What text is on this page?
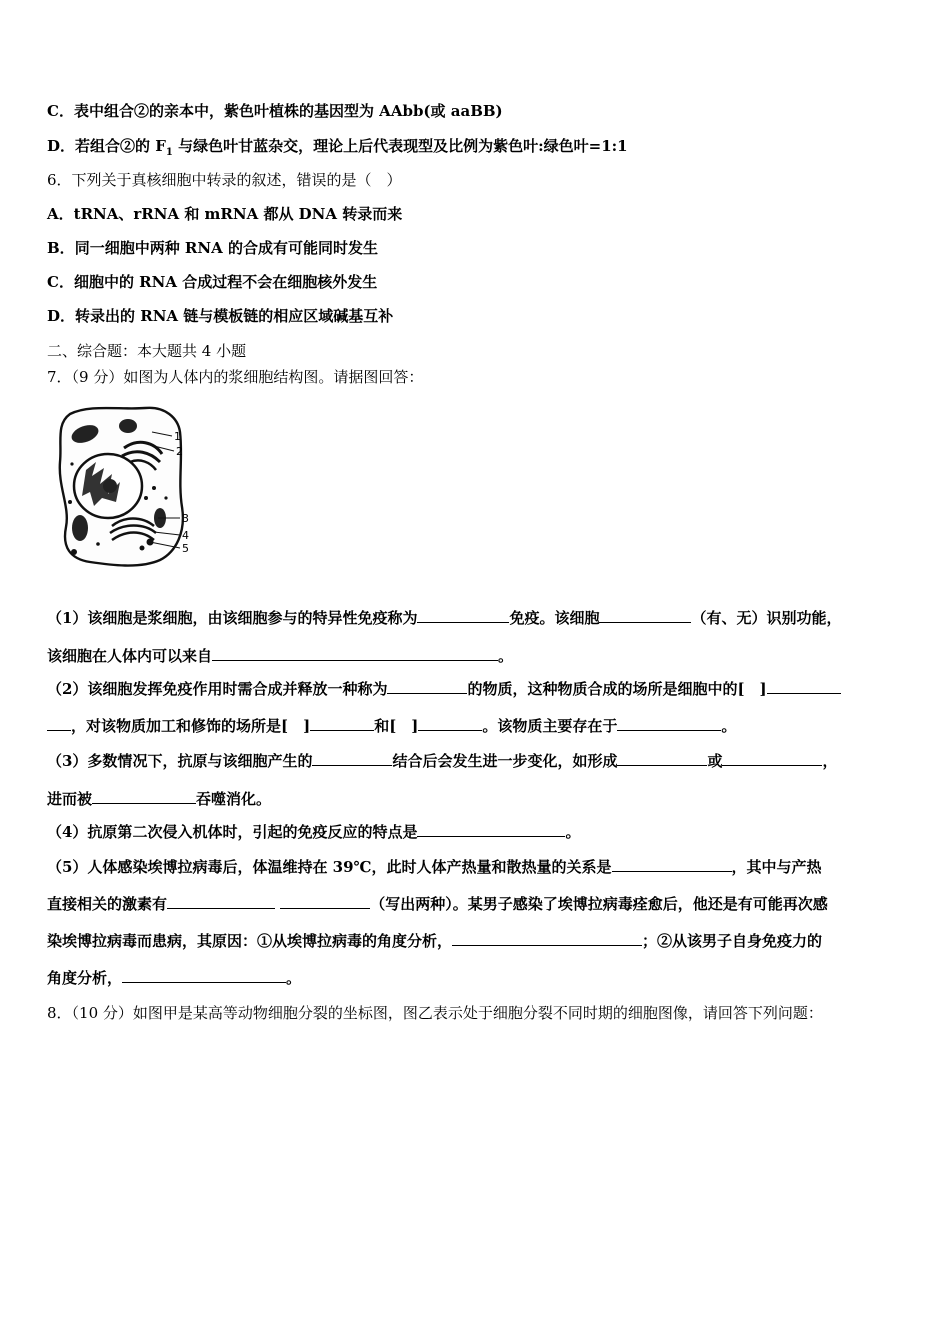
C．表中组合②的亲本中，紫色叶植株的基因型为 AAbb(或 aaBB)
D．若组合②的 $F_1$ 与绿色叶甘蓝杂交，理论上后代表现型及比例为紫色叶:绿色叶=1:1
6．下列关于真核细胞中转录的叙述，错误的是（　）
A．tRNA、rRNA 和 mRNA 都从 DNA 转录而来
B．同一细胞中两种 RNA 的合成有可能同时发生
C．细胞中的 RNA 合成过程不会在细胞核外发生
D．转录出的 RNA 链与模板链的相应区域碱基互补
二、综合题：本大题共 4 小题
7．（9 分）如图为人体内的浆细胞结构图。请据图回答：
1
2
3
4
5
（1）该细胞是浆细胞，由该细胞参与的特异性免疫称为	免疫。该细胞	（有、无）识别功能，
该细胞在人体内可以来自	。
（2）该细胞发挥免疫作用时需合成并释放一种称为	的物质，这种物质合成的场所是细胞中的[　]
，对该物质加工和修饰的场所是[　]	和[　]	。该物质主要存在于	。
（3）多数情况下，抗原与该细胞产生的	结合后会发生进一步变化，如形成	或	，
进而被	吞噬消化。
（4）抗原第二次侵入机体时，引起的免疫反应的特点是	。
（5）人体感染埃博拉病毒后，体温维持在 39℃，此时人体产热量和散热量的关系是	，其中与产热
直接相关的激素有	（写出两种）。某男子感染了埃博拉病毒痊愈后，他还是有可能再次感
染埃博拉病毒而患病，其原因：①从埃博拉病毒的角度分析，	；②从该男子自身免疫力的
角度分析，	。
8．（10 分）如图甲是某高等动物细胞分裂的坐标图，图乙表示处于细胞分裂不同时期的细胞图像，请回答下列问题：
